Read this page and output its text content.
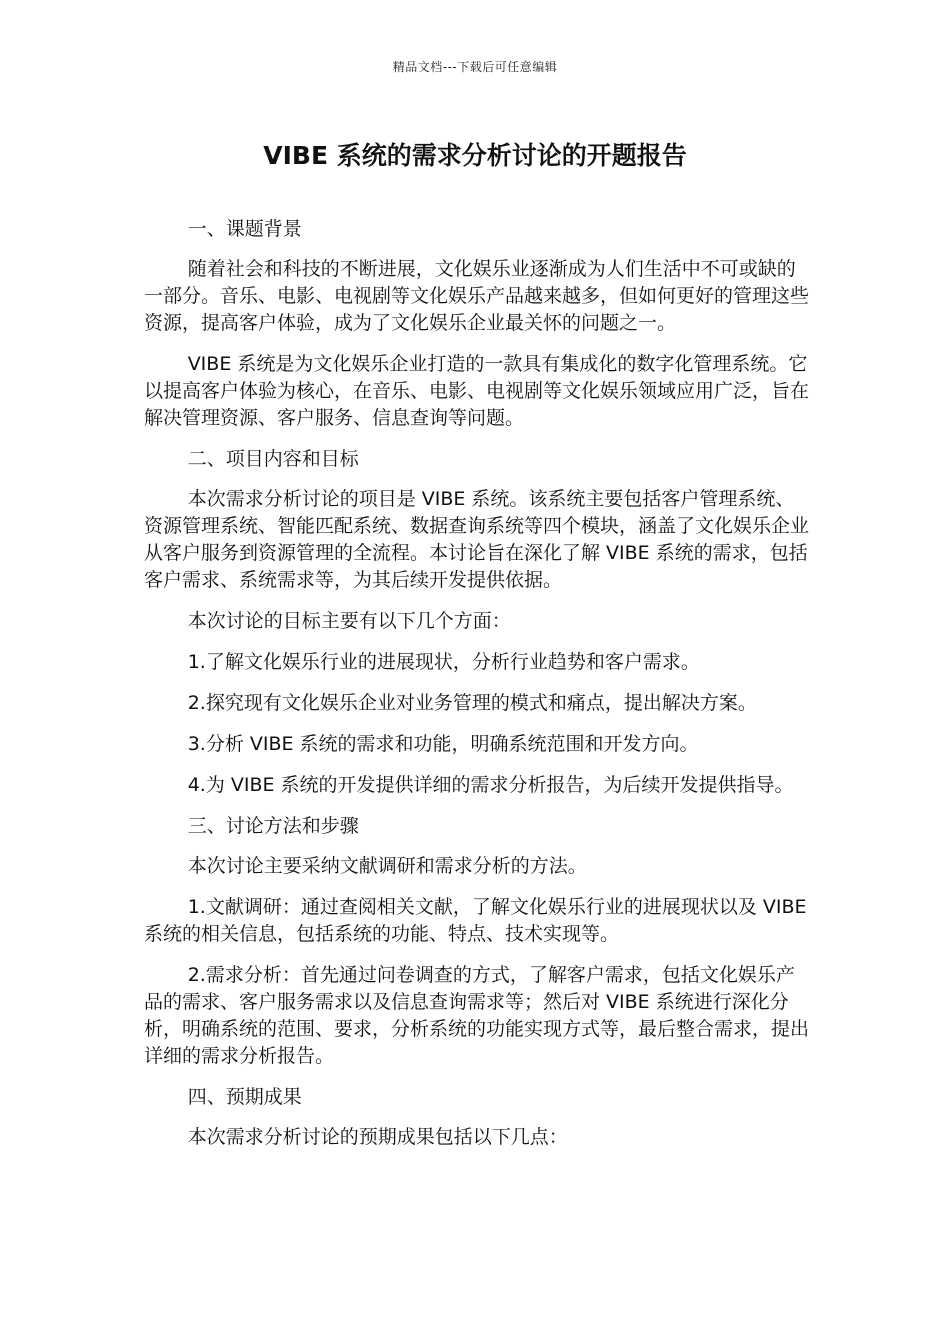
精品文档---下载后可任意编辑
VIBE 系统的需求分析讨论的开题报告

一、课题背景

随着社会和科技的不断进展，文化娱乐业逐渐成为人们生活中不可或缺的一部分。音乐、电影、电视剧等文化娱乐产品越来越多，但如何更好的管理这些资源，提高客户体验，成为了文化娱乐企业最关怀的问题之一。

VIBE 系统是为文化娱乐企业打造的一款具有集成化的数字化管理系统。它以提高客户体验为核心，在音乐、电影、电视剧等文化娱乐领域应用广泛，旨在解决管理资源、客户服务、信息查询等问题。

二、项目内容和目标

本次需求分析讨论的项目是 VIBE 系统。该系统主要包括客户管理系统、资源管理系统、智能匹配系统、数据查询系统等四个模块，涵盖了文化娱乐企业从客户服务到资源管理的全流程。本讨论旨在深化了解 VIBE 系统的需求，包括客户需求、系统需求等，为其后续开发提供依据。

本次讨论的目标主要有以下几个方面：

1.了解文化娱乐行业的进展现状，分析行业趋势和客户需求。

2.探究现有文化娱乐企业对业务管理的模式和痛点，提出解决方案。

3.分析 VIBE 系统的需求和功能，明确系统范围和开发方向。

4.为 VIBE 系统的开发提供详细的需求分析报告，为后续开发提供指导。

三、讨论方法和步骤

本次讨论主要采纳文献调研和需求分析的方法。

1.文献调研：通过查阅相关文献，了解文化娱乐行业的进展现状以及 VIBE 系统的相关信息，包括系统的功能、特点、技术实现等。

2.需求分析：首先通过问卷调查的方式，了解客户需求，包括文化娱乐产品的需求、客户服务需求以及信息查询需求等；然后对 VIBE 系统进行深化分析，明确系统的范围、要求，分析系统的功能实现方式等，最后整合需求，提出详细的需求分析报告。

四、预期成果

本次需求分析讨论的预期成果包括以下几点：
